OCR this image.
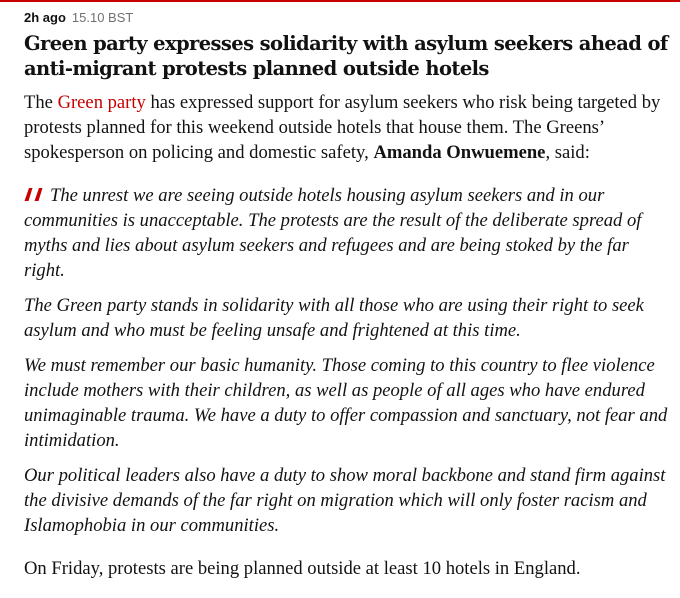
2h ago 15.10 BST
Green party expresses solidarity with asylum seekers ahead of anti-migrant protests planned outside hotels

The Green party has expressed support for asylum seekers who risk being targeted by protests planned for this weekend outside hotels that house them. The Greens’ spokesperson on policing and domestic safety, Amanda Onwuemene, said:

The unrest we are seeing outside hotels housing asylum seekers and in our communities is unacceptable. The protests are the result of the deliberate spread of myths and lies about asylum seekers and refugees and are being stoked by the far right.

The Green party stands in solidarity with all those who are using their right to seek asylum and who must be feeling unsafe and frightened at this time.

We must remember our basic humanity. Those coming to this country to flee violence include mothers with their children, as well as people of all ages who have endured unimaginable trauma. We have a duty to offer compassion and sanctuary, not fear and intimidation.

Our political leaders also have a duty to show moral backbone and stand firm against the divisive demands of the far right on migration which will only foster racism and Islamophobia in our communities.

On Friday, protests are being planned outside at least 10 hotels in England.
